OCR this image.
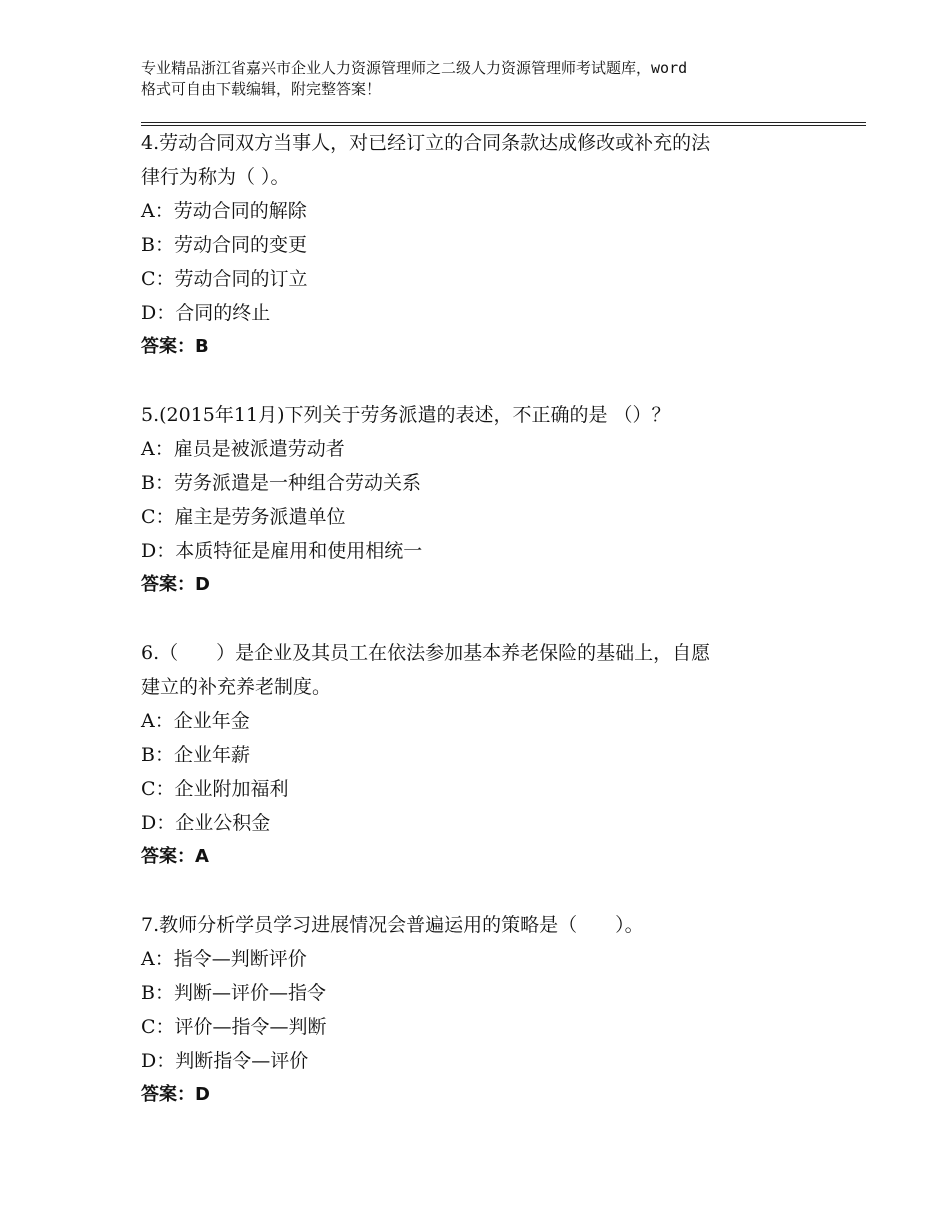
专业精品浙江省嘉兴市企业人力资源管理师之二级人力资源管理师考试题库，word
格式可自由下载编辑，附完整答案！

4.劳动合同双方当事人，对已经订立的合同条款达成修改或补充的法

律行为称为（ ）。

A：劳动合同的解除

B：劳动合同的变更

C：劳动合同的订立

D：合同的终止

答案：B

5.(2015年11月)下列关于劳务派遣的表述，不正确的是 （）？

A：雇员是被派遣劳动者

B：劳务派遣是一种组合劳动关系

C：雇主是劳务派遣单位

D：本质特征是雇用和使用相统一

答案：D

6.（　　）是企业及其员工在依法参加基本养老保险的基础上，自愿

建立的补充养老制度。

A：企业年金

B：企业年薪

C：企业附加福利

D：企业公积金

答案：A

7.教师分析学员学习进展情况会普遍运用的策略是（　　）。

A：指令—判断评价

B：判断—评价—指令

C：评价—指令—判断

D：判断指令—评价

答案：D
